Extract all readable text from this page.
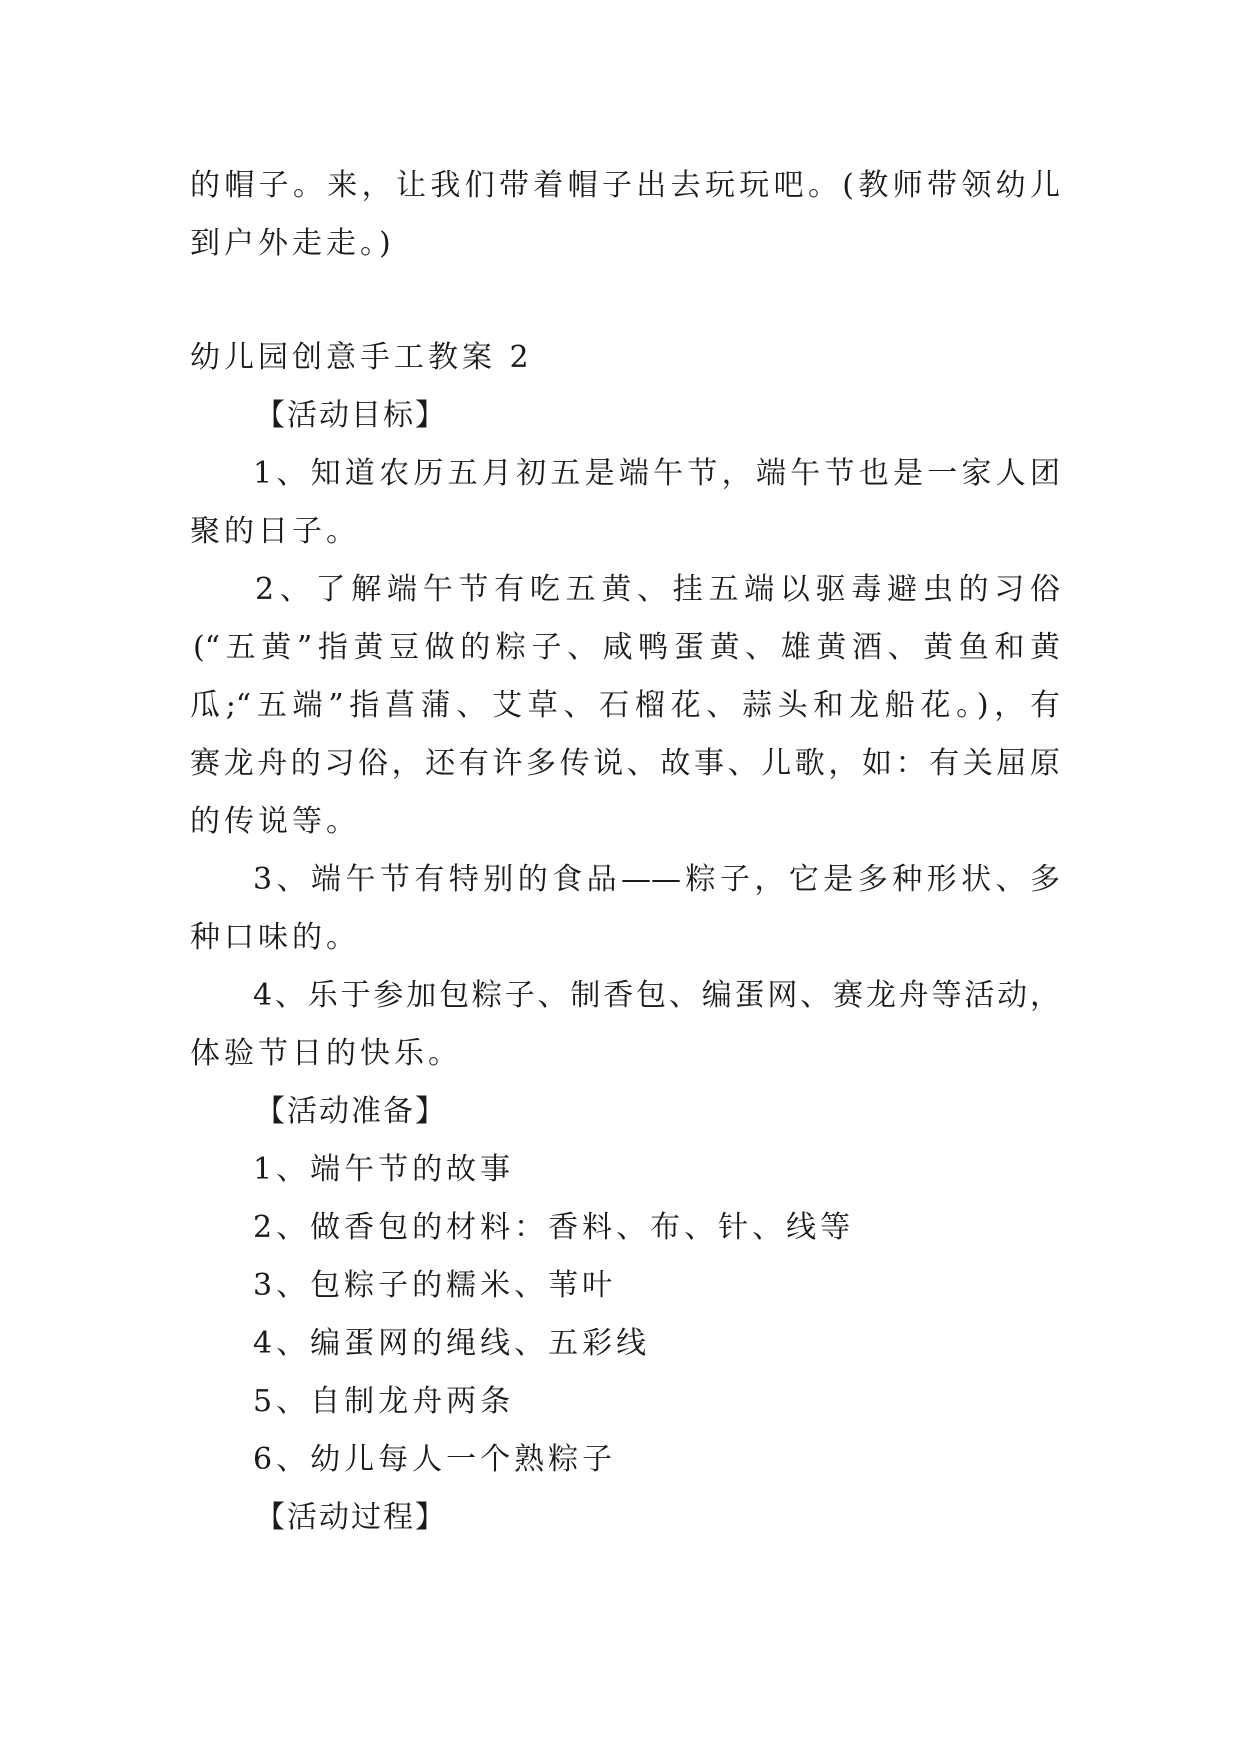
的帽子。来，让我们带着帽子出去玩玩吧。(教师带领幼儿
到户外走走。)
幼儿园创意手工教案 2
【活动目标】
1、知道农历五月初五是端午节，端午节也是一家人团
聚的日子。
2、了解端午节有吃五黄、挂五端以驱毒避虫的习俗
(“五黄”指黄豆做的粽子、咸鸭蛋黄、雄黄酒、黄鱼和黄
瓜;“五端”指菖蒲、艾草、石榴花、蒜头和龙船花。)，有
赛龙舟的习俗，还有许多传说、故事、儿歌，如：有关屈原
的传说等。
3、端午节有特别的食品——粽子，它是多种形状、多
种口味的。
4、乐于参加包粽子、制香包、编蛋网、赛龙舟等活动，
体验节日的快乐。
【活动准备】
1、端午节的故事
2、做香包的材料：香料、布、针、线等
3、包粽子的糯米、苇叶
4、编蛋网的绳线、五彩线
5、自制龙舟两条
6、幼儿每人一个熟粽子
【活动过程】
